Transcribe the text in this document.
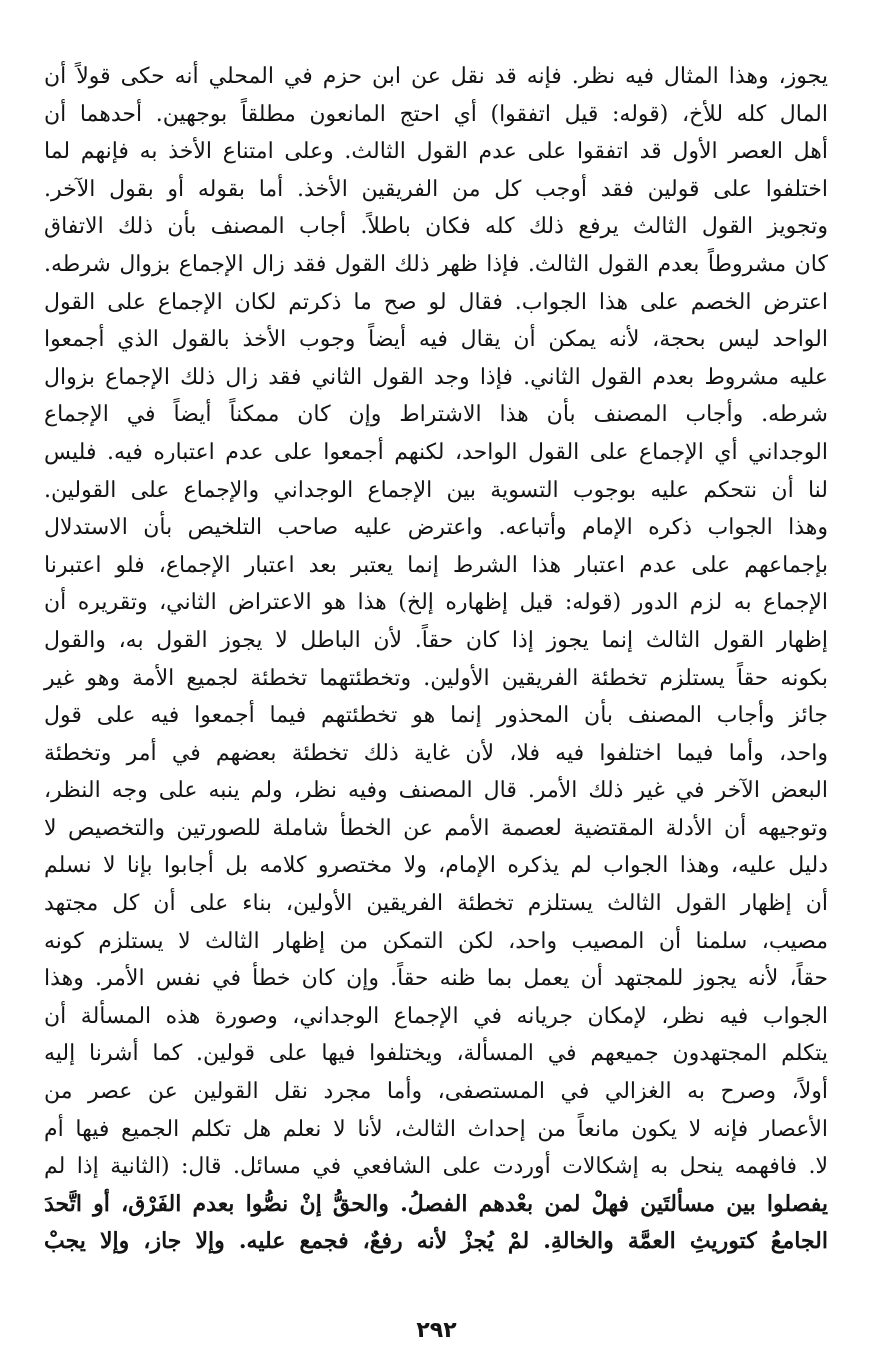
يجوز، وهذا المثال فيه نظر. فإنه قد نقل عن ابن حزم في المحلي أنه حكى قولاً أن
المال كله للأخ، (قوله: قيل اتفقوا) أي احتج المانعون مطلقاً بوجهين. أحدهما أن
أهل العصر الأول قد اتفقوا على عدم القول الثالث. وعلى امتناع الأخذ به فإنهم لما
اختلفوا على قولين فقد أوجب كل من الفريقين الأخذ. أما بقوله أو بقول الآخر.
وتجويز القول الثالث يرفع ذلك كله فكان باطلاً. أجاب المصنف بأن ذلك الاتفاق
كان مشروطاً بعدم القول الثالث. فإذا ظهر ذلك القول فقد زال الإجماع بزوال شرطه.
اعترض الخصم على هذا الجواب. فقال لو صح ما ذكرتم لكان الإجماع على القول
الواحد ليس بحجة، لأنه يمكن أن يقال فيه أيضاً وجوب الأخذ بالقول الذي أجمعوا
عليه مشروط بعدم القول الثاني. فإذا وجد القول الثاني فقد زال ذلك الإجماع بزوال
شرطه. وأجاب المصنف بأن هذا الاشتراط وإن كان ممكناً أيضاً في الإجماع
الوجداني أي الإجماع على القول الواحد، لكنهم أجمعوا على عدم اعتباره فيه. فليس
لنا أن نتحكم عليه بوجوب التسوية بين الإجماع الوجداني والإجماع على القولين.
وهذا الجواب ذكره الإمام وأتباعه. واعترض عليه صاحب التلخيص بأن الاستدلال
بإجماعهم على عدم اعتبار هذا الشرط إنما يعتبر بعد اعتبار الإجماع، فلو اعتبرنا
الإجماع به لزم الدور (قوله: قيل إظهاره إلخ) هذا هو الاعتراض الثاني، وتقريره أن
إظهار القول الثالث إنما يجوز إذا كان حقاً. لأن الباطل لا يجوز القول به، والقول
بكونه حقاً يستلزم تخطئة الفريقين الأولين. وتخطئتهما تخطئة لجميع الأمة وهو غير
جائز وأجاب المصنف بأن المحذور إنما هو تخطئتهم فيما أجمعوا فيه على قول
واحد، وأما فيما اختلفوا فيه فلا، لأن غاية ذلك تخطئة بعضهم في أمر وتخطئة
البعض الآخر في غير ذلك الأمر. قال المصنف وفيه نظر، ولم ينبه على وجه النظر،
وتوجيهه أن الأدلة المقتضية لعصمة الأمم عن الخطأ شاملة للصورتين والتخصيص لا
دليل عليه، وهذا الجواب لم يذكره الإمام، ولا مختصرو كلامه بل أجابوا بإنا لا نسلم
أن إظهار القول الثالث يستلزم تخطئة الفريقين الأولين، بناء على أن كل مجتهد
مصيب، سلمنا أن المصيب واحد، لكن التمكن من إظهار الثالث لا يستلزم كونه
حقاً، لأنه يجوز للمجتهد أن يعمل بما ظنه حقاً. وإن كان خطأ في نفس الأمر. وهذا
الجواب فيه نظر، لإمكان جريانه في الإجماع الوجداني، وصورة هذه المسألة أن
يتكلم المجتهدون جميعهم في المسألة، ويختلفوا فيها على قولين. كما أشرنا إليه
أولاً، وصرح به الغزالي في المستصفى، وأما مجرد نقل القولين عن عصر من
الأعصار فإنه لا يكون مانعاً من إحداث الثالث، لأنا لا نعلم هل تكلم الجميع فيها أم
لا. فافهمه ينحل به إشكالات أوردت على الشافعي في مسائل. قال: (الثانية إذا لم
يفصلوا بين مسألتَين فهلْ لمن بعْدهم الفصلُ. والحقُّ إنْ نصُّوا بعدم الفَرْق، أو اتَّحدَ
الجامعُ كتوريثِ العمَّة والخالةِ. لمْ يُجزْ لأنه رفعٌ، فجمع عليه. وإلا جاز، وإلا يجبْ
٢٩٢
